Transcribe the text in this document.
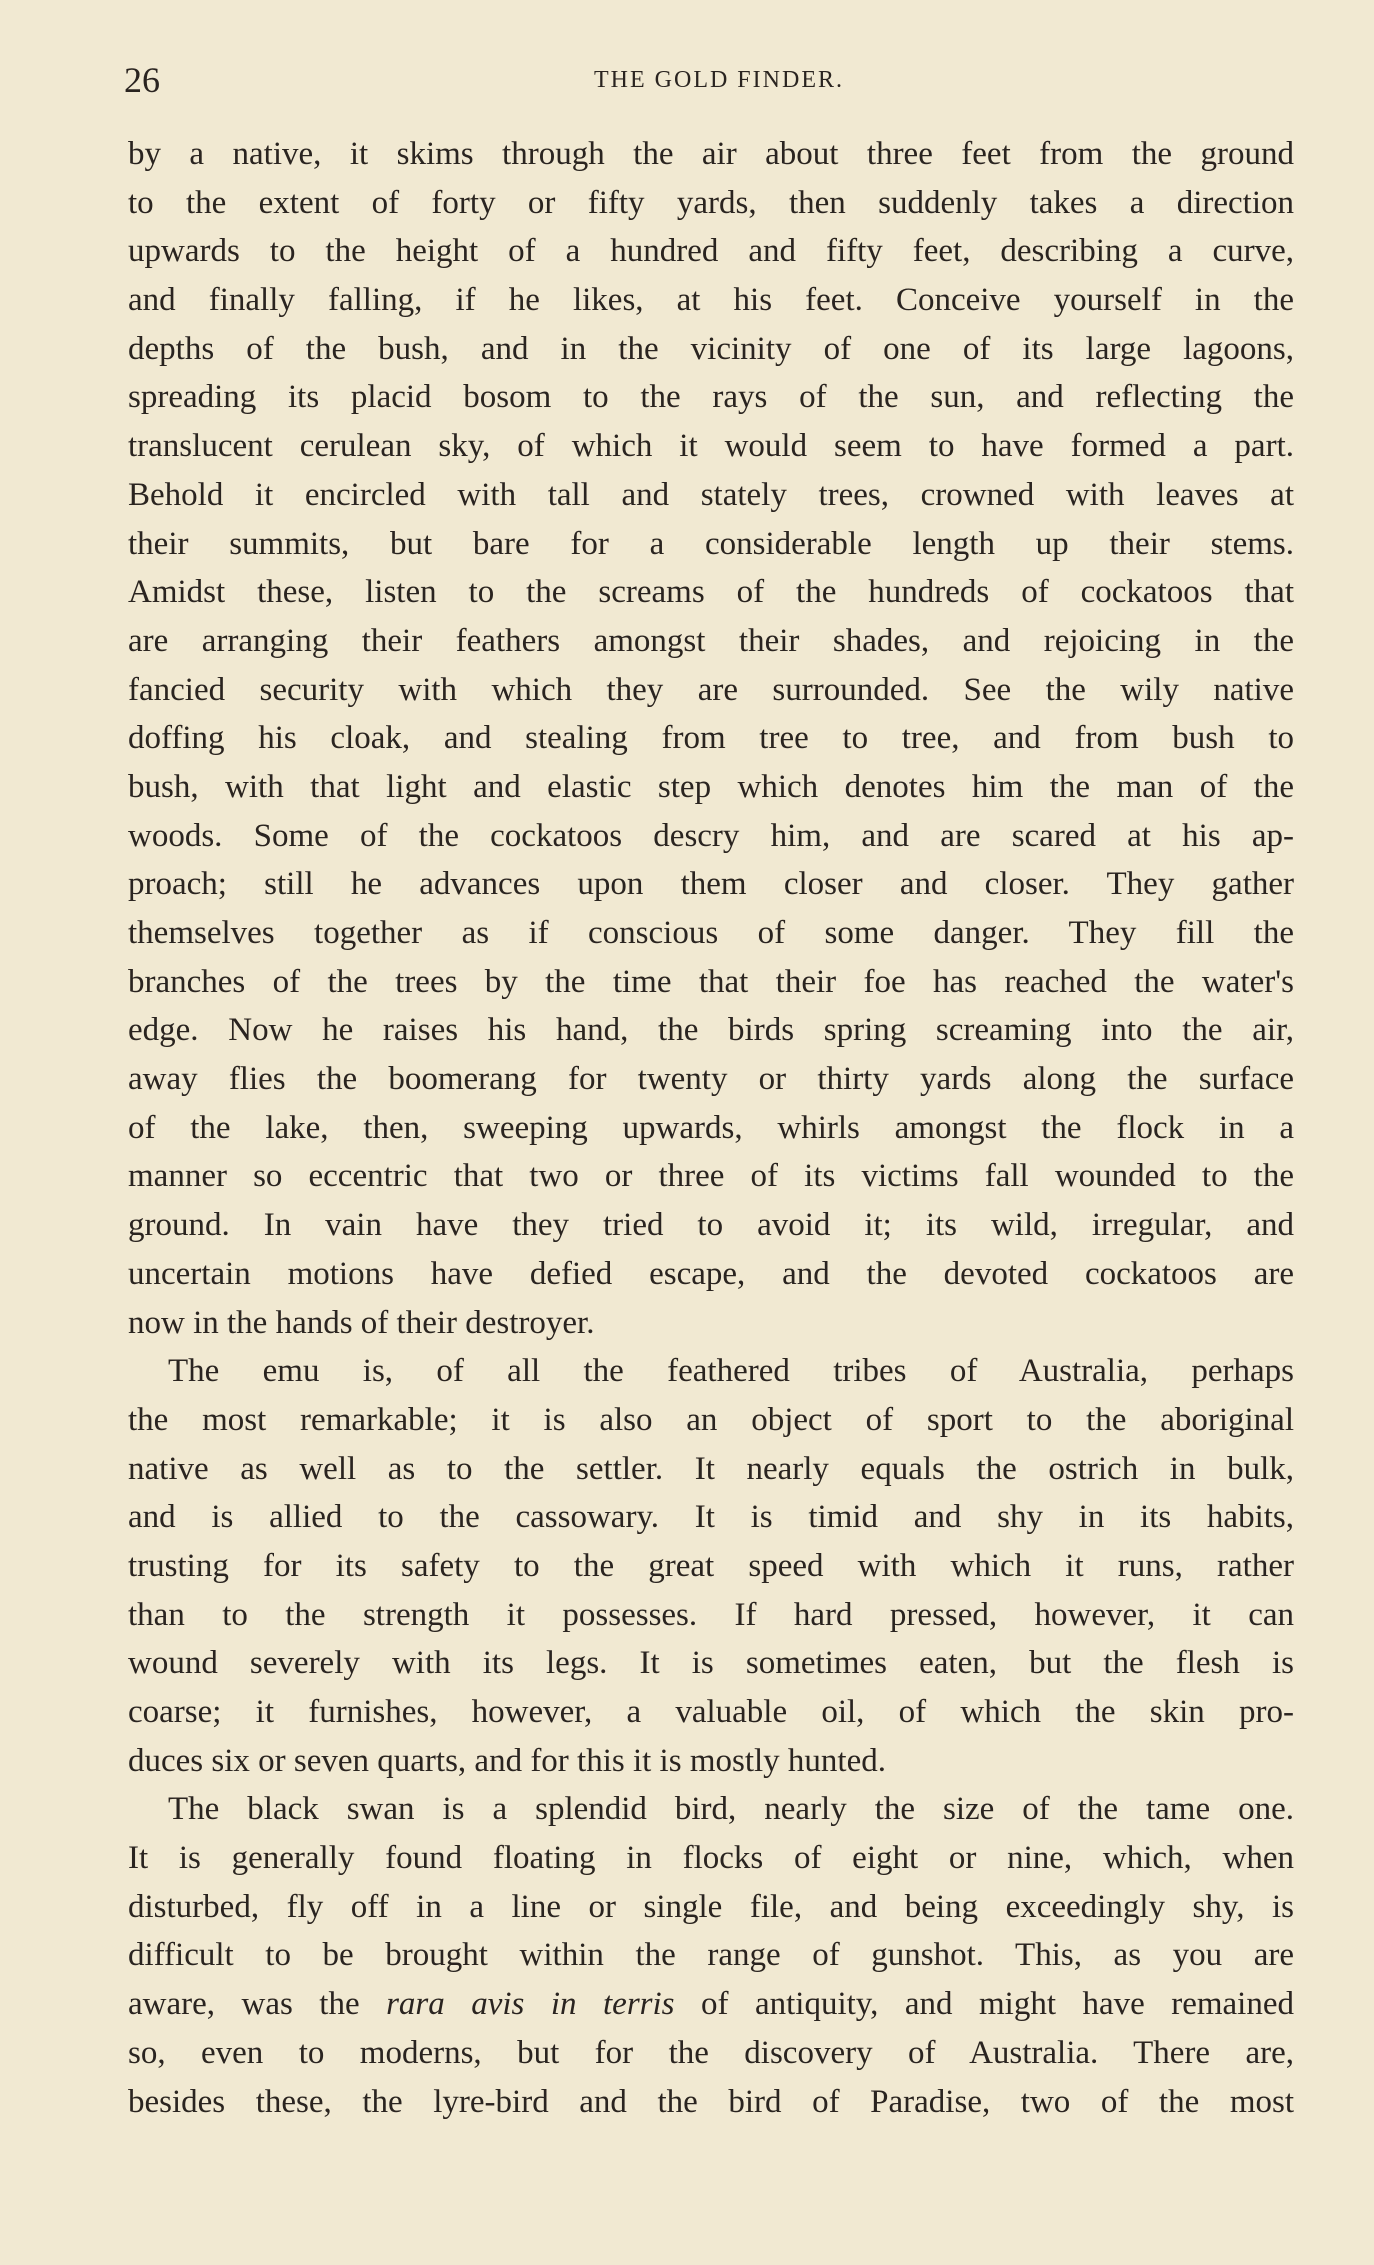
26	THE GOLD FINDER.
by a native, it skims through the air about three feet from the ground
to the extent of forty or fifty yards, then suddenly takes a direction
upwards to the height of a hundred and fifty feet, describing a curve,
and finally falling, if he likes, at his feet. Conceive yourself in the
depths of the bush, and in the vicinity of one of its large lagoons,
spreading its placid bosom to the rays of the sun, and reflecting the
translucent cerulean sky, of which it would seem to have formed a part.
Behold it encircled with tall and stately trees, crowned with leaves at
their summits, but bare for a considerable length up their stems.
Amidst these, listen to the screams of the hundreds of cockatoos that
are arranging their feathers amongst their shades, and rejoicing in the
fancied security with which they are surrounded. See the wily native
doffing his cloak, and stealing from tree to tree, and from bush to
bush, with that light and elastic step which denotes him the man of the
woods. Some of the cockatoos descry him, and are scared at his ap-
proach; still he advances upon them closer and closer. They gather
themselves together as if conscious of some danger. They fill the
branches of the trees by the time that their foe has reached the water's
edge. Now he raises his hand, the birds spring screaming into the air,
away flies the boomerang for twenty or thirty yards along the surface
of the lake, then, sweeping upwards, whirls amongst the flock in a
manner so eccentric that two or three of its victims fall wounded to the
ground. In vain have they tried to avoid it; its wild, irregular, and
uncertain motions have defied escape, and the devoted cockatoos are
now in the hands of their destroyer.
The emu is, of all the feathered tribes of Australia, perhaps
the most remarkable; it is also an object of sport to the aboriginal
native as well as to the settler. It nearly equals the ostrich in bulk,
and is allied to the cassowary. It is timid and shy in its habits,
trusting for its safety to the great speed with which it runs, rather
than to the strength it possesses. If hard pressed, however, it can
wound severely with its legs. It is sometimes eaten, but the flesh is
coarse; it furnishes, however, a valuable oil, of which the skin pro-
duces six or seven quarts, and for this it is mostly hunted.
The black swan is a splendid bird, nearly the size of the tame one.
It is generally found floating in flocks of eight or nine, which, when
disturbed, fly off in a line or single file, and being exceedingly shy, is
difficult to be brought within the range of gunshot. This, as you are
aware, was the rara avis in terris of antiquity, and might have remained
so, even to moderns, but for the discovery of Australia. There are,
besides these, the lyre-bird and the bird of Paradise, two of the most
